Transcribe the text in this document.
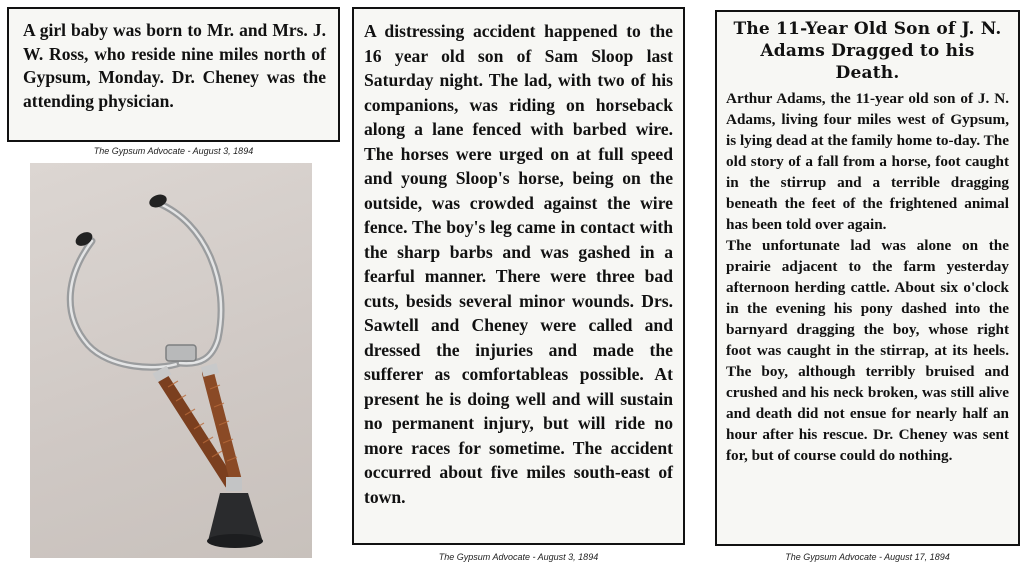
A girl baby was born to Mr. and Mrs. J. W. Ross, who reside nine miles north of Gypsum, Monday. Dr. Cheney was the attending physician.

The Gypsum Advocate - August 3, 1894

A distressing accident happened to the 16 year old son of Sam Sloop last Saturday night. The lad, with two of his companions, was riding on horseback along a lane fenced with barbed wire. The horses were urged on at full speed and young Sloop's horse, being on the outside, was crowded against the wire fence. The boy's leg came in contact with the sharp barbs and was gashed in a fearful manner. There were three bad cuts, besids several minor wounds. Drs. Sawtell and Cheney were called and dressed the injuries and made the sufferer as comfortableas possible. At present he is doing well and will sustain no permanent injury, but will ride no more races for sometime. The accident occurred about five miles south-east of town.

The Gypsum Advocate - August 3, 1894
The 11-Year Old Son of J. N. Adams Dragged to his Death.

Arthur Adams, the 11-year old son of J. N. Adams, living four miles west of Gypsum, is lying dead at the family home to-day. The old story of a fall from a horse, foot caught in the stirrup and a terrible dragging beneath the feet of the frightened animal has been told over again.

The unfortunate lad was alone on the prairie adjacent to the farm yesterday afternoon herding cattle. About six o'clock in the evening his pony dashed into the barnyard dragging the boy, whose right foot was caught in the stirrap, at its heels. The boy, although terribly bruised and crushed and his neck broken, was still alive and death did not ensue for nearly half an hour after his rescue. Dr. Cheney was sent for, but of course could do nothing.

The Gypsum Advocate - August 17, 1894
